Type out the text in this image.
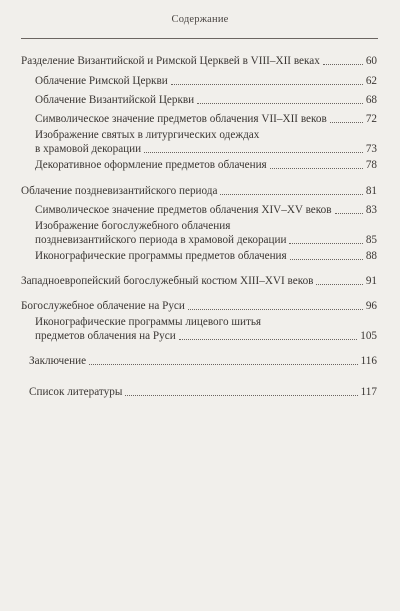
Содержание
Разделение Византийской и Римской Церквей в VIII–XII веках	60
Облачение Римской Церкви	62
Облачение Византийской Церкви	68
Символическое значение предметов облачения VII–XII веков	72
Изображение святых в литургических одеждах
в храмовой декорации	73
Декоративное оформление предметов облачения	78
Облачение поздневизантийского периода	81
Символическое значение предметов облачения XIV–XV веков	83
Изображение богослужебного облачения
поздневизантийского периода в храмовой декорации	85
Иконографические программы предметов облачения	88
Западноевропейский богослужебный костюм XIII–XVI веков	91
Богослужебное облачение на Руси	96
Иконографические программы лицевого шитья
предметов облачения на Руси	105
Заключение	116
Список литературы	117
